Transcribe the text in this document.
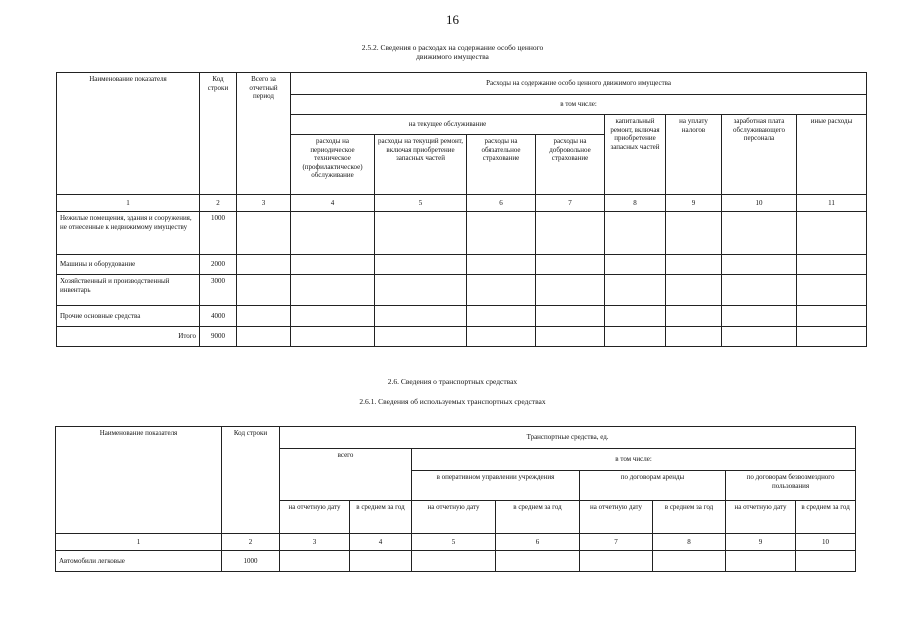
16
2.5.2. Сведения о расходах на содержание особо ценного
движимого имущества
Наименование показателя	Код строки	Всего за отчетный период	Расходы на содержание особо ценного движимого имущества							
			в том числе:							
			на текущее обслуживание				капитальный ремонт, включая приобретение запасных частей	на уплату налогов	заработная плата обслуживающего персонала	иные расходы
			расходы на периодическое техническое (профилактическое) обслуживание	расходы на текущий ремонт, включая приобретение запасных частей	расходы на обязательное страхование	расходы на добровольное страхование				
1	2	3	4	5	6	7	8	9	10	11
Нежилые помещения, здания и сооружения, не отнесенные к недвижимому имуществу	1000									
Машины и оборудование	2000									
Хозяйственный и производственный инвентарь	3000									
Прочие основные средства	4000									
Итого	9000									
2.6. Сведения о транспортных средствах
2.6.1. Сведения об используемых транспортных средствах
Наименование показателя	Код строки	Транспортные средства, ед.							
		всего		в том числе:					
				в оперативном управлении учреждения		по договорам аренды		по договорам безвозмездного пользования	
		на отчетную дату	в среднем за год	на отчетную дату	в среднем за год	на отчетную дату	в среднем за год	на отчетную дату	в среднем за год
1	2	3	4	5	6	7	8	9	10
Автомобили легковые	1000								
